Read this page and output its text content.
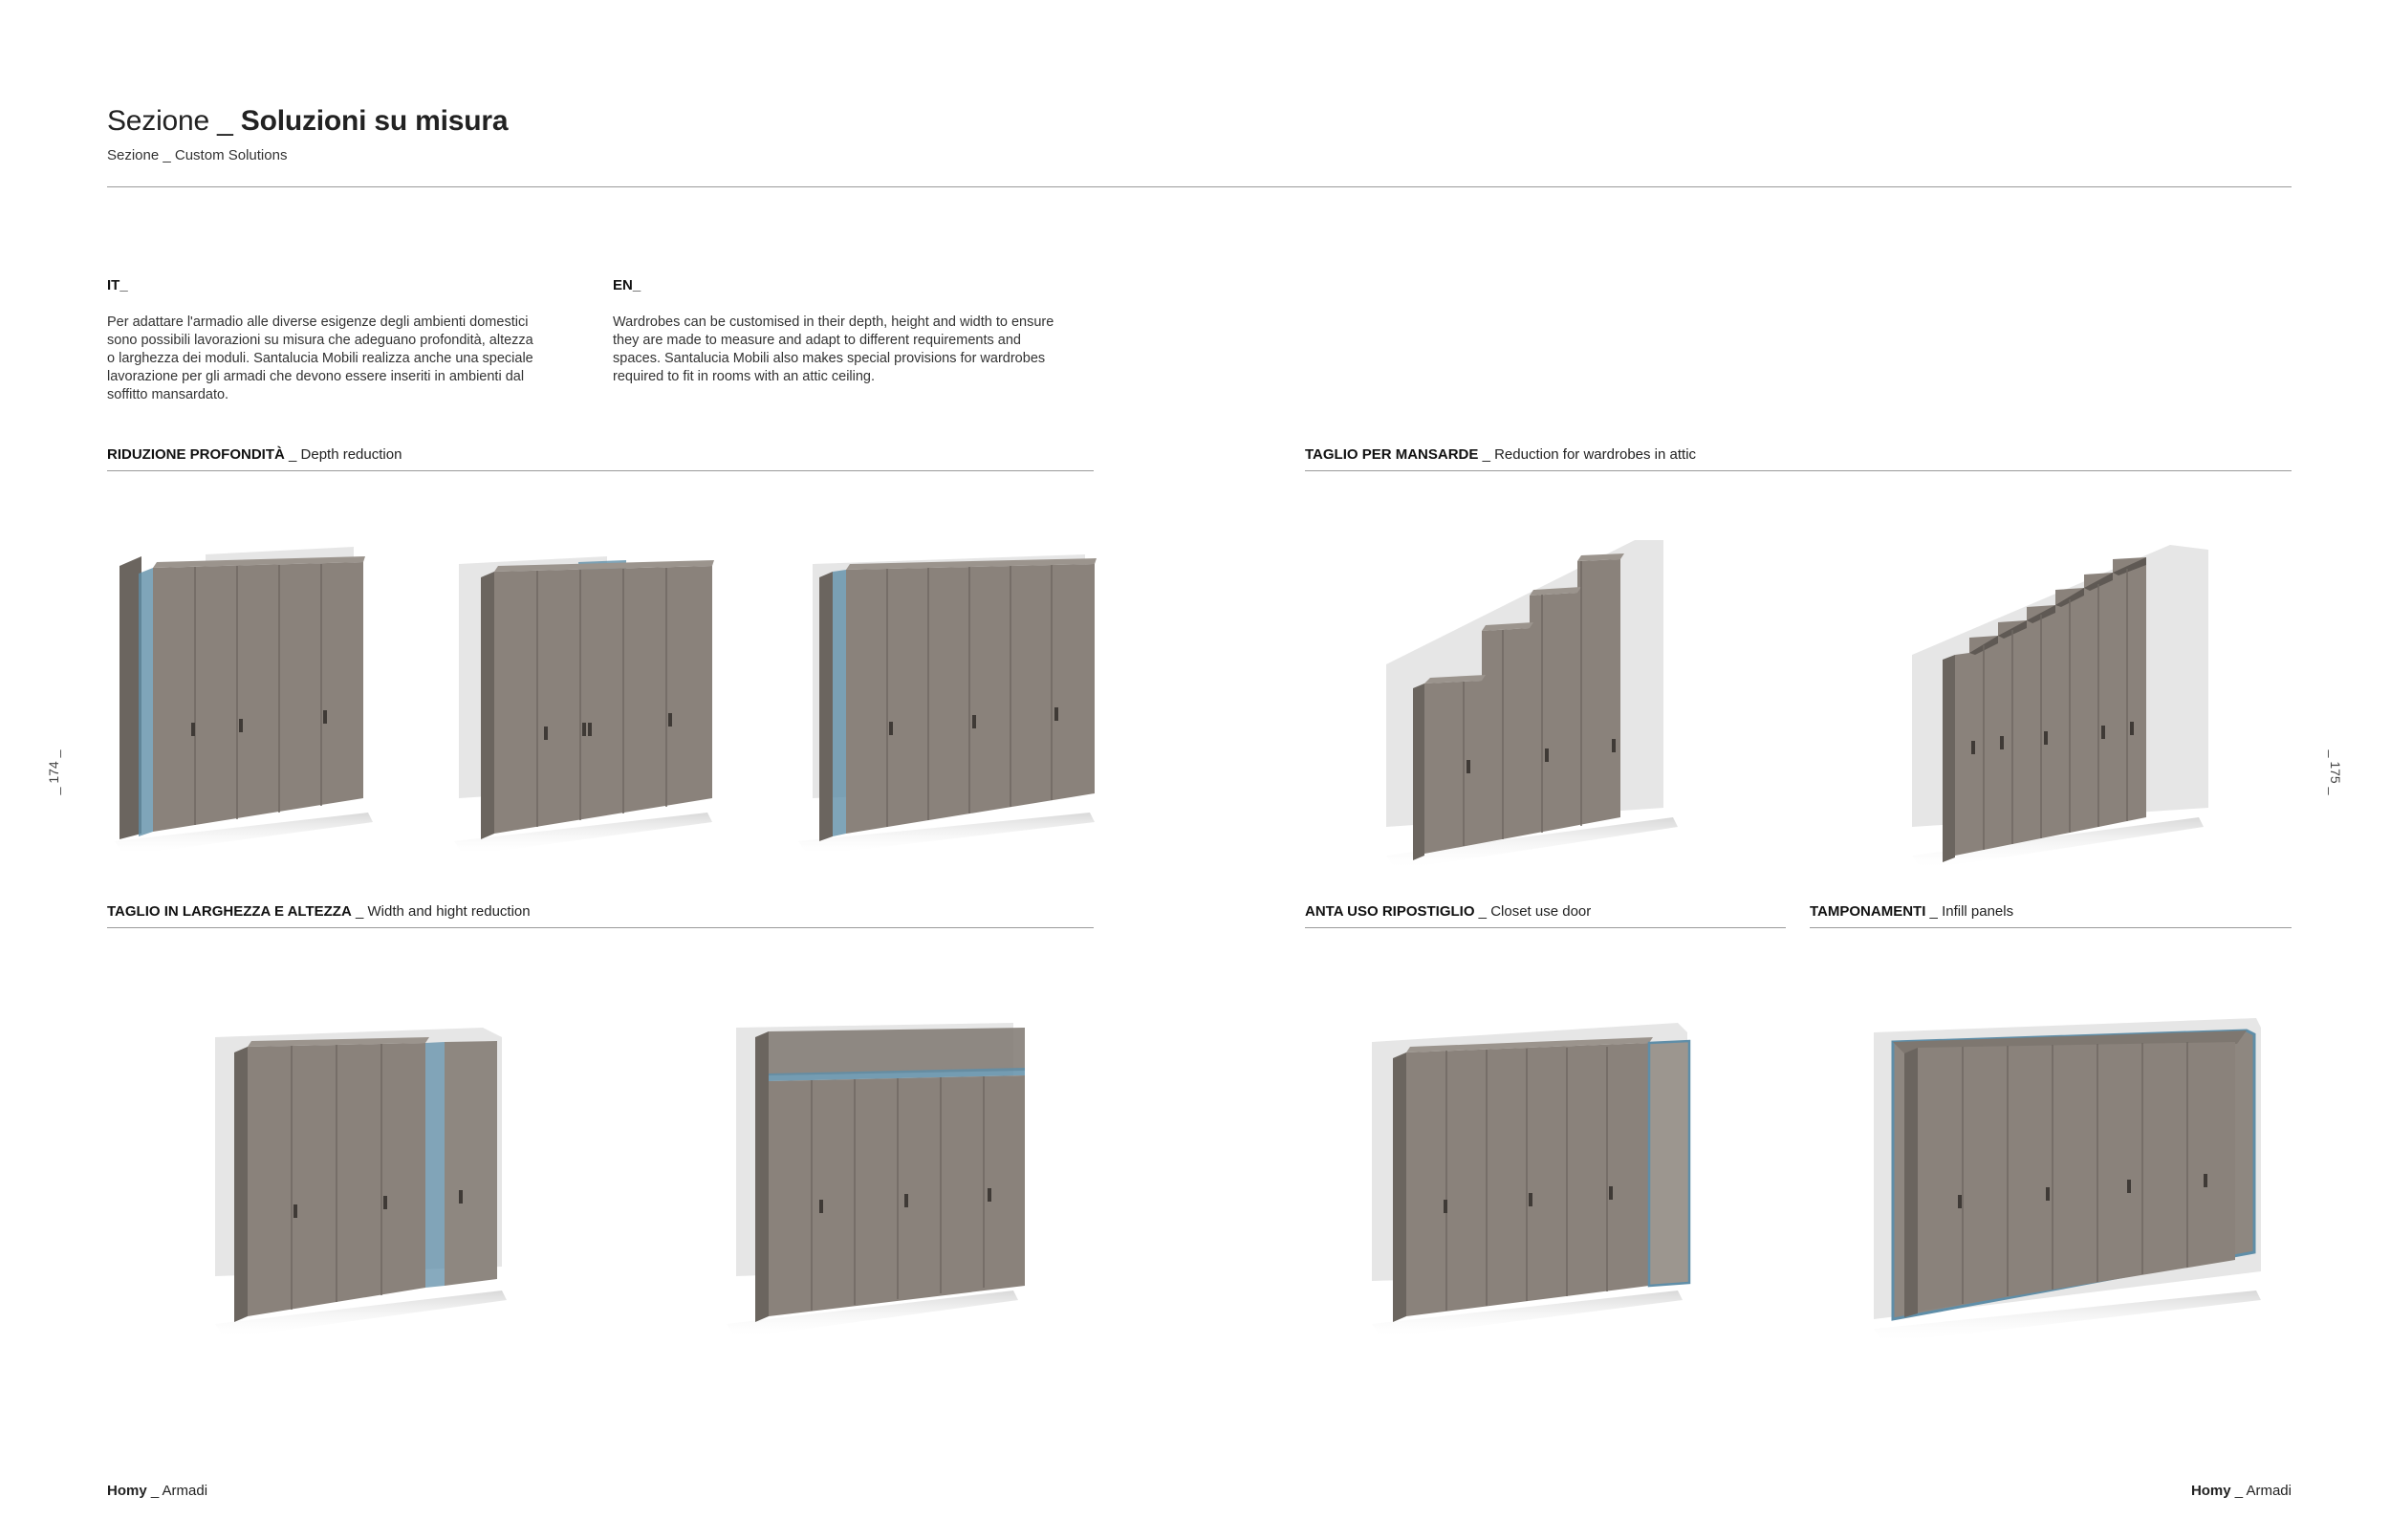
Sezione _ Soluzioni su misura
Sezione _ Custom Solutions
IT_
Per adattare l'armadio alle diverse esigenze degli ambienti domestici
sono possibili lavorazioni su misura che adeguano profondità, altezza
o larghezza dei moduli. Santalucia Mobili realizza anche una speciale
lavorazione per gli armadi che devono essere inseriti in ambienti dal
soffitto mansardato.
EN_
Wardrobes can be customised in their depth, height and width to ensure
they are made to measure and adapt to different requirements and
spaces. Santalucia Mobili also makes special provisions for wardrobes
required to fit in rooms with an attic ceiling.
RIDUZIONE PROFONDITÀ _ Depth reduction	TAGLIO PER MANSARDE _ Reduction for wardrobes in attic
TAGLIO IN LARGHEZZA E ALTEZZA _ Width and hight reduction	ANTA USO RIPOSTIGLIO _ Closet use door	TAMPONAMENTI _ Infill panels
_ 174 _	_ 175 _
Homy _ Armadi	Homy _ Armadi
